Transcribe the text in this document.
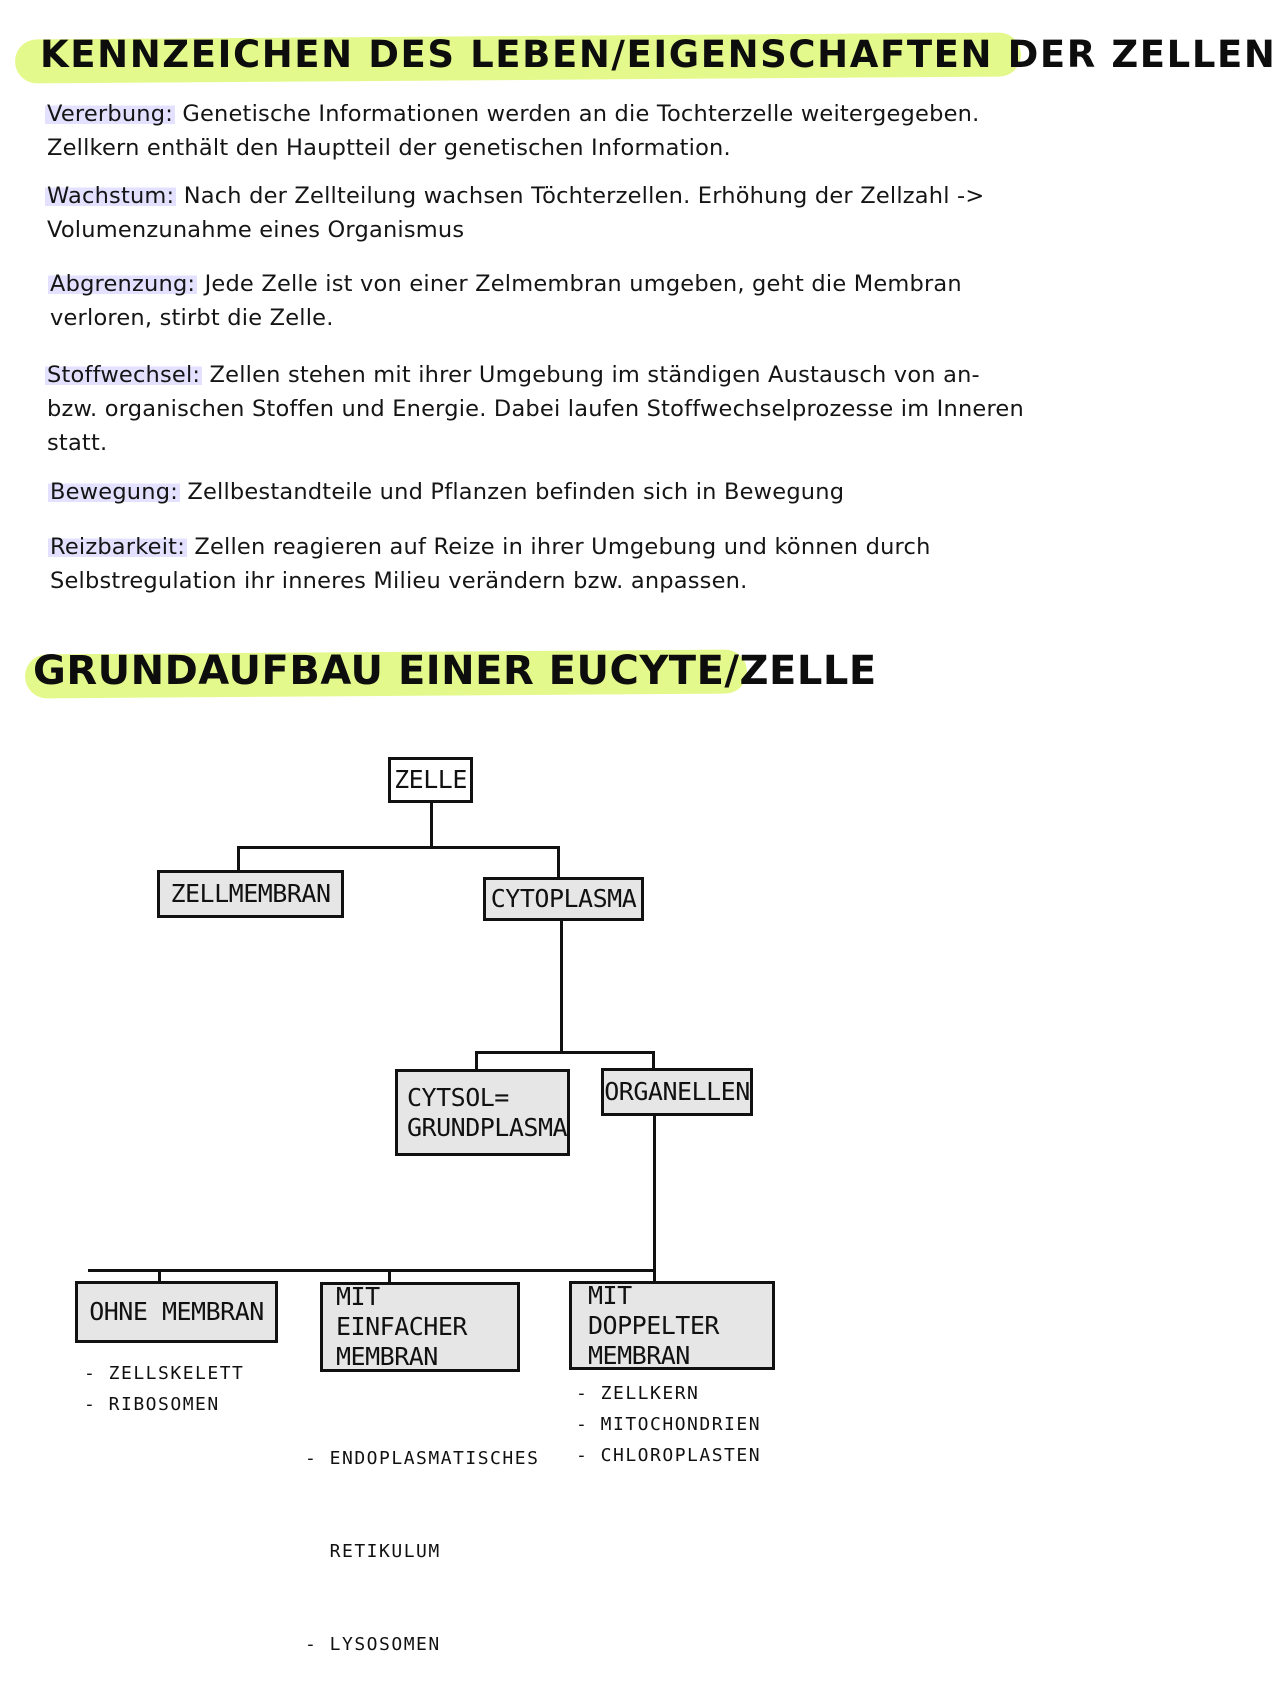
KENNZEICHEN DES LEBEN/EIGENSCHAFTEN DER ZELLEN
Vererbung: Genetische Informationen werden an die Tochterzelle weitergegeben. Zellkern enthält den Hauptteil der genetischen Information.
Wachstum: Nach der Zellteilung wachsen Töchterzellen. Erhöhung der Zellzahl -> Volumenzunahme eines Organismus
Abgrenzung: Jede Zelle ist von einer Zelmembran umgeben, geht die Membran verloren, stirbt die Zelle.
Stoffwechsel: Zellen stehen mit ihrer Umgebung im ständigen Austausch von an- bzw. organischen Stoffen und Energie. Dabei laufen Stoffwechselprozesse im Inneren statt.
Bewegung: Zellbestandteile und Pflanzen befinden sich in Bewegung
Reizbarkeit: Zellen reagieren auf Reize in ihrer Umgebung und können durch Selbstregulation ihr inneres Milieu verändern bzw. anpassen.
GRUNDAUFBAU EINER EUCYTE/ZELLE
ZELLE
ZELLMEMBRAN	CYTOPLASMA
CYTSOL=
GRUNDPLASMA
ORGANELLEN
OHNE MEMBRAN
MIT EINFACHER
MEMBRAN
MIT DOPPELTER
MEMBRAN
- ZELLSKELETT
- RIBOSOMEN

- ENDOPLASMATISCHES

RETIKULUM

- LYSOSOMEN

- ZELLKERN
- MITOCHONDRIEN
- CHLOROPLASTEN
